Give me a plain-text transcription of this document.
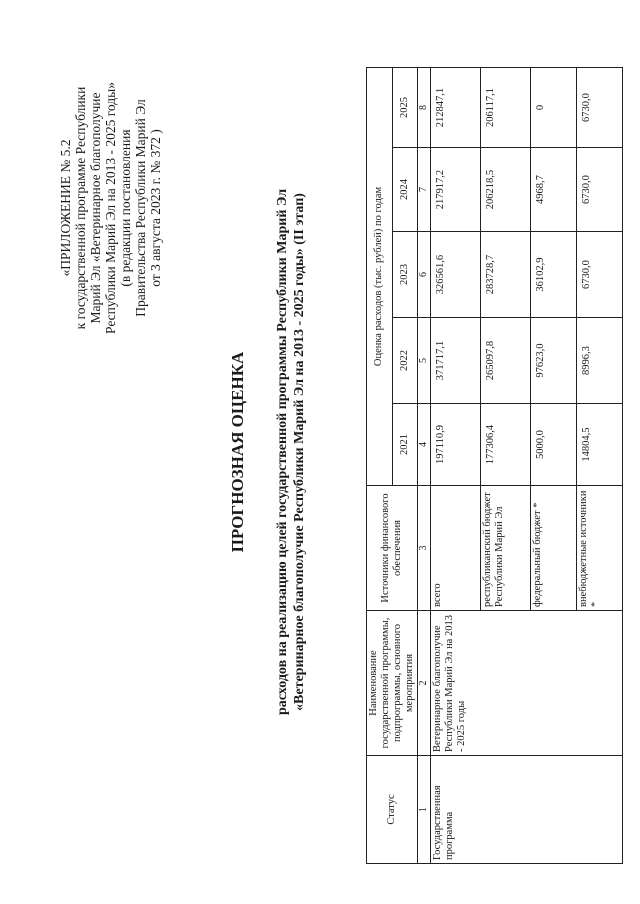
«ПРИЛОЖЕНИЕ № 5.2 к государственной программе Республики Марий Эл «Ветеринарное благополучие Республики Марий Эл на 2013 - 2025 годы» (в редакции постановления Правительства Республики Марий Эл от 3 августа 2023 г. № 372 )
ПРОГНОЗНАЯ ОЦЕНКА расходов на реализацию целей государственной программы Республики Марий Эл «Ветеринарное благополучие Республики Марий Эл на 2013 - 2025 годы» (II этап)
Статус	Наименование государственной программы, подпрограммы, основного мероприятия	Источники финансового обеспечения	Оценка расходов (тыс. рублей) по годам				
			2021	2022	2023	2024	2025
1	2	3	4	5	6	7	8
Государственная программа	Ветеринарное благополучие Республики Марий Эл на 2013 - 2025 годы	всего	197110,9	371717,1	326561,6	217917,2	212847,1
		республиканский бюджет Республики Марий Эл	177306,4	265097,8	283728,7	206218,5	206117,1
		федеральный бюджет *	5000,0	97623,0	36102,9	4968,7	0
		внебюджетные источники *	14804,5	8996,3	6730,0	6730,0	6730,0
